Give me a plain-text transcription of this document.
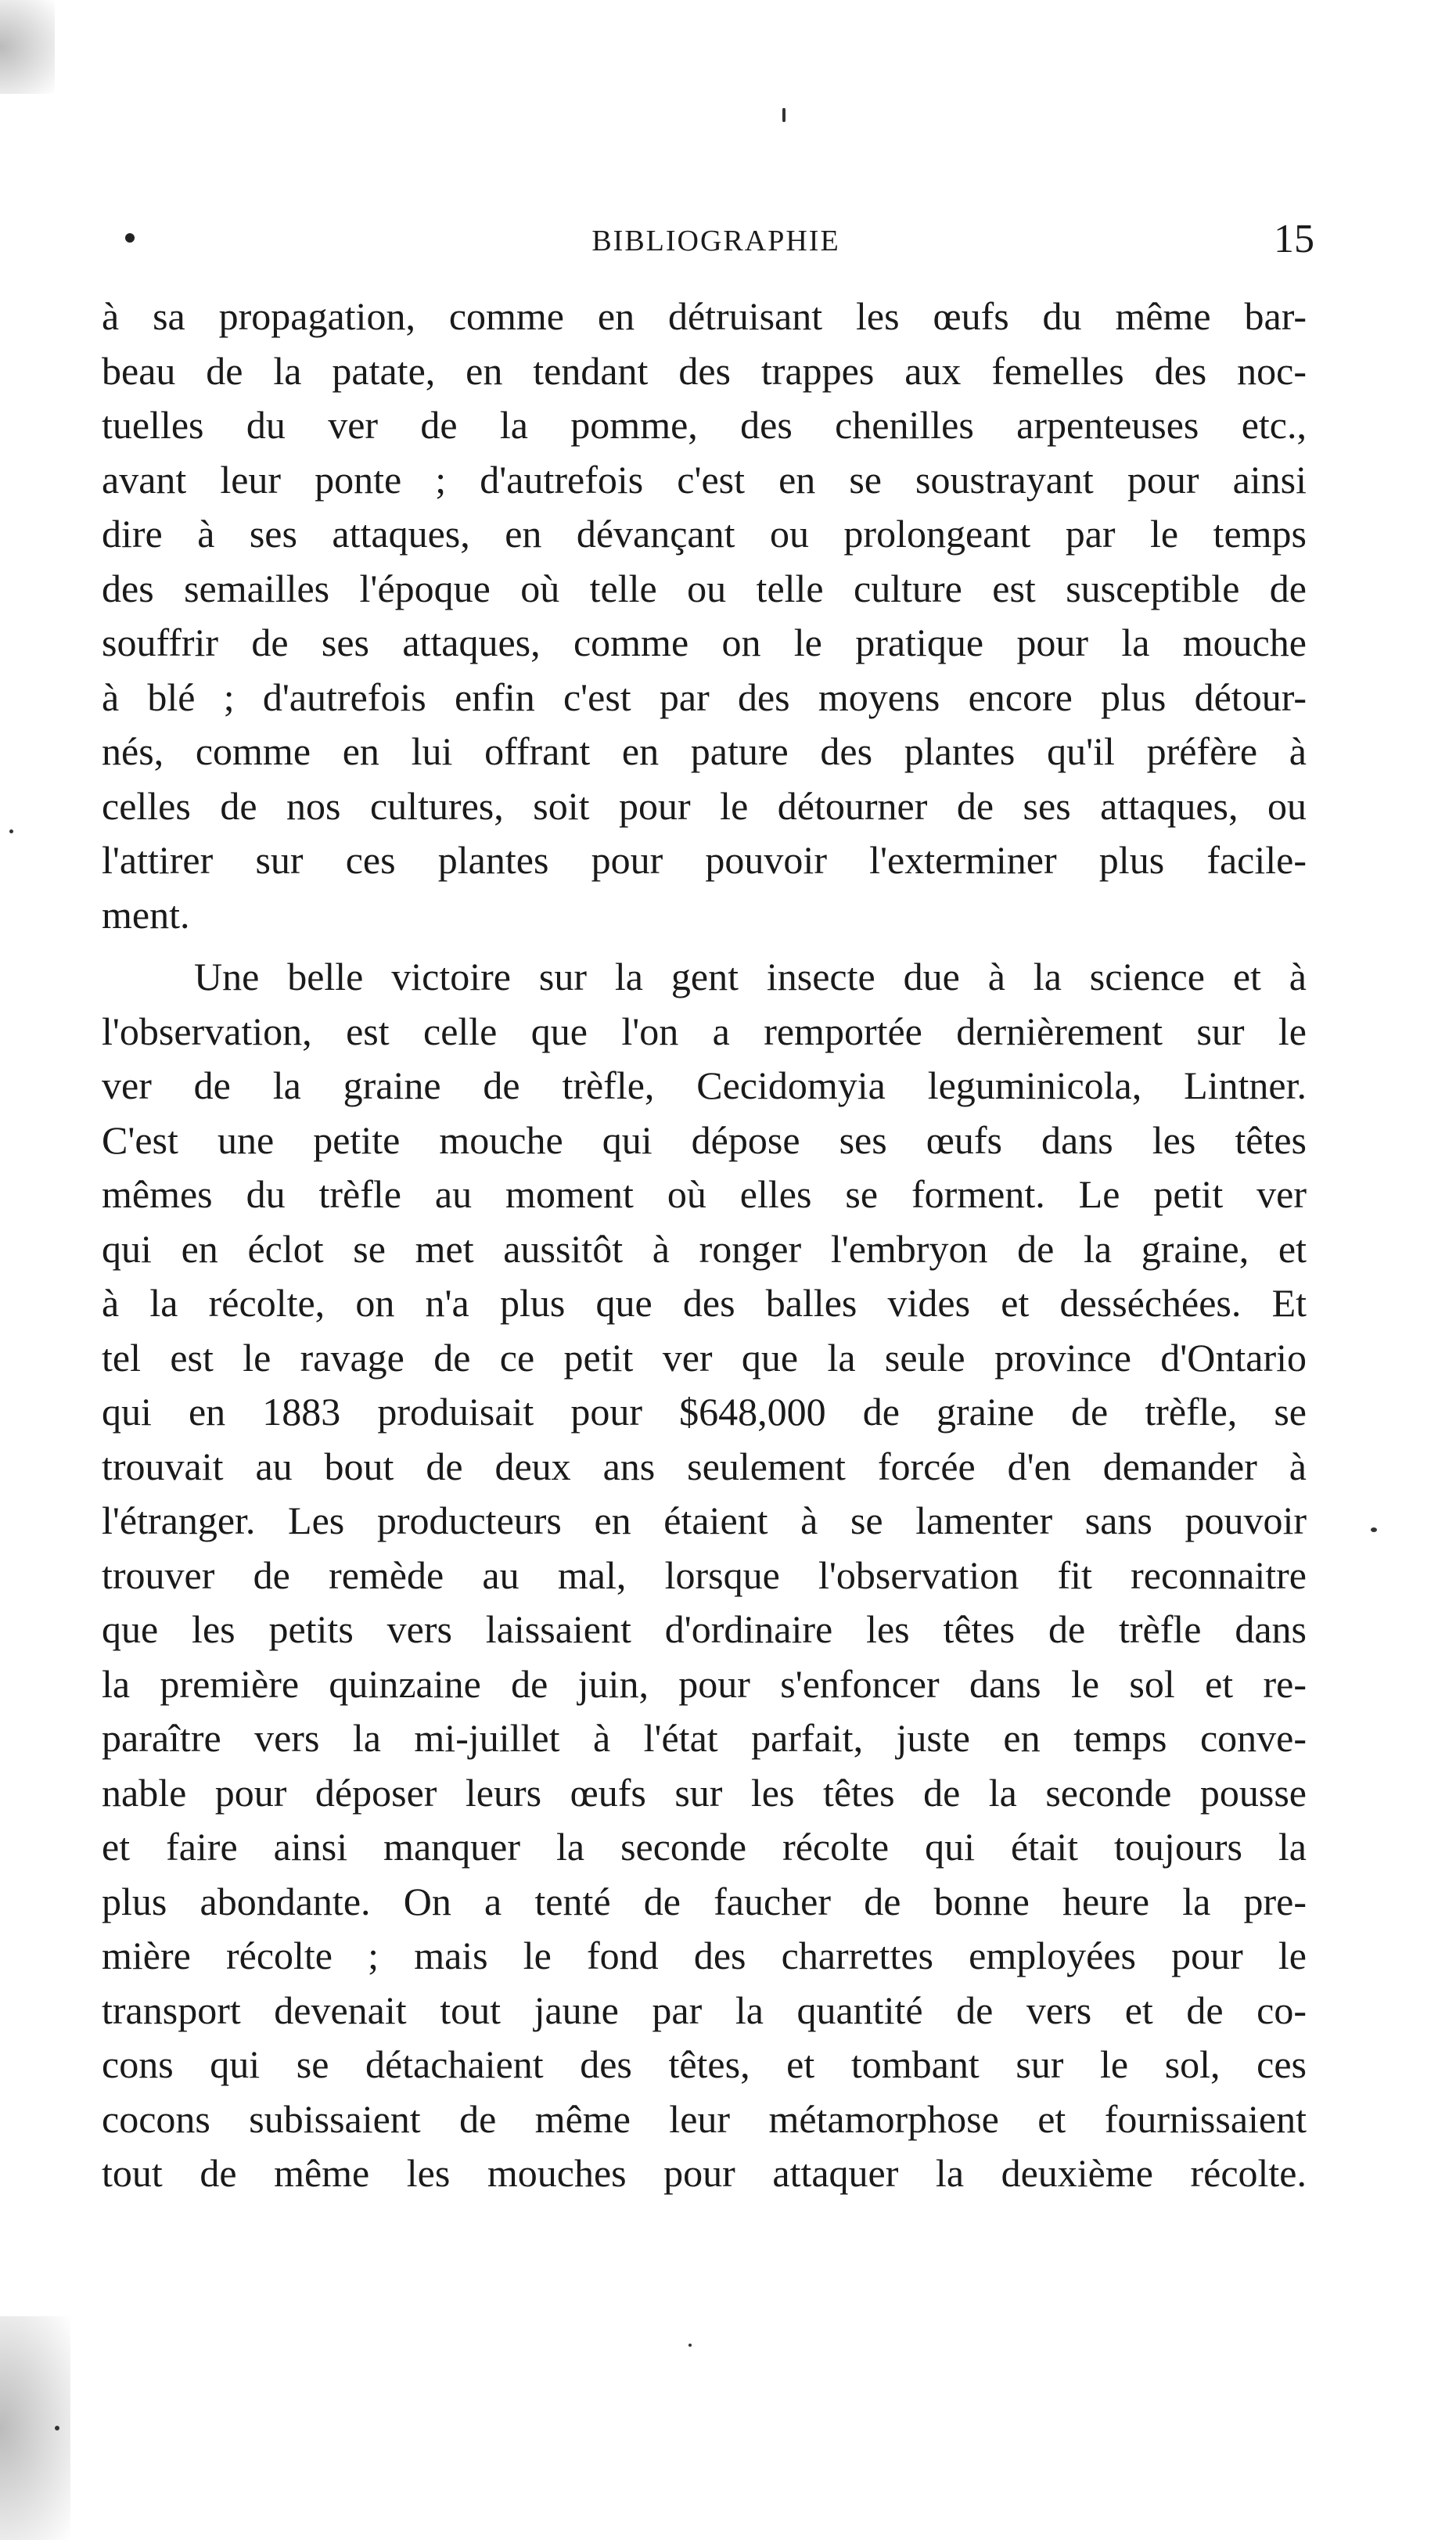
BIBLIOGRAPHIE	15

à sa propagation, comme en détruisant les œufs du même bar-
beau de la patate, en tendant des trappes aux femelles des noc-
tuelles du ver de la pomme, des chenilles arpenteuses etc.,
avant leur ponte ; d'autrefois c'est en se soustrayant pour ainsi
dire à ses attaques, en dévançant ou prolongeant par le temps
des semailles l'époque où telle ou telle culture est susceptible de
souffrir de ses attaques, comme on le pratique pour la mouche
à blé ; d'autrefois enfin c'est par des moyens encore plus détour-
nés, comme en lui offrant en pature des plantes qu'il préfère à
celles de nos cultures, soit pour le détourner de ses attaques, ou
l'attirer sur ces plantes pour pouvoir l'exterminer plus facile-
ment.

Une belle victoire sur la gent insecte due à la science et à
l'observation, est celle que l'on a remportée dernièrement sur le
ver de la graine de trèfle, Cecidomyia leguminicola, Lintner.
C'est une petite mouche qui dépose ses œufs dans les têtes
mêmes du trèfle au moment où elles se forment. Le petit ver
qui en éclot se met aussitôt à ronger l'embryon de la graine, et
à la récolte, on n'a plus que des balles vides et desséchées. Et
tel est le ravage de ce petit ver que la seule province d'Ontario
qui en 1883 produisait pour $648,000 de graine de trèfle, se
trouvait au bout de deux ans seulement forcée d'en demander à
l'étranger. Les producteurs en étaient à se lamenter sans pouvoir
trouver de remède au mal, lorsque l'observation fit reconnaitre
que les petits vers laissaient d'ordinaire les têtes de trèfle dans
la première quinzaine de juin, pour s'enfoncer dans le sol et re-
paraître vers la mi-juillet à l'état parfait, juste en temps conve-
nable pour déposer leurs œufs sur les têtes de la seconde pousse
et faire ainsi manquer la seconde récolte qui était toujours la
plus abondante. On a tenté de faucher de bonne heure la pre-
mière récolte ; mais le fond des charrettes employées pour le
transport devenait tout jaune par la quantité de vers et de co-
cons qui se détachaient des têtes, et tombant sur le sol, ces
cocons subissaient de même leur métamorphose et fournissaient
tout de même les mouches pour attaquer la deuxième récolte.
